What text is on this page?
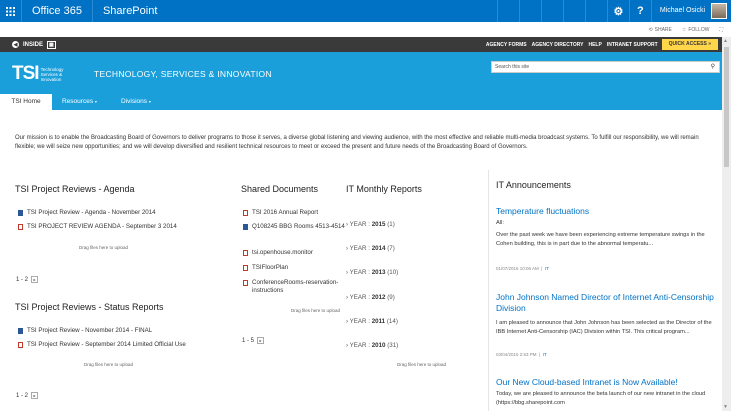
Office 365	SharePoint	⚙	?	Michael Osicki
⟲ SHARE ☆ FOLLOW ⛶
◀ INSIDE	▦	AGENCY FORMS AGENCY DIRECTORY HELP INTRANET SUPPORT	QUICK ACCESS »
TSI Technology
Services &
Innovation	TECHNOLOGY, SERVICES & INNOVATION
Search this site	⚲
TSI Home	Resources ▾	Divisions ▾
▲
▼
Our mission is to enable the Broadcasting Board of Governors to deliver programs to those it serves, a diverse global listening and viewing audience, with the most effective and reliable multi-media broadcast systems. To fulfill our responsibility, we will remain flexible; we will seize new opportunities; and we will develop diversified and resilient technical resources to meet or exceed the present and future needs of the Broadcasting Board of Governors.
TSI Project Reviews - Agenda
TSI Project Review - Agenda - November 2014
TSI PROJECT REVIEW AGENDA - September 3 2014
Drag files here to upload
1 - 2	▸
TSI Project Reviews - Status Reports
TSI Project Review - November 2014 - FINAL
TSI Project Review - September 2014 Limited Official Use
Drag files here to upload
1 - 2	▸
Shared Documents
TSI 2016 Annual Report
Q108245 BBG Rooms 4513-4514
tsi.openhouse.monitor
TSIFloorPlan
ConferenceRooms-reservation-instructions
Drag files here to upload
1 - 5	▸
IT Monthly Reports
› YEAR : 2015 (1)
› YEAR : 2014 (7)
› YEAR : 2013 (10)
› YEAR : 2012 (9)
› YEAR : 2011 (14)
› YEAR : 2010 (31)
Drag files here to upload
IT Announcements
Temperature fluctuations
All:
Over the past week we have been experiencing extreme temperature swings in the Cohen building, this is in part due to the abnormal temperatu...
01/07/2016 10:06 AM  |  IT
John Johnson Named Director of Internet Anti-Censorship Division
I am pleased to announce that John Johnson has been selected as the Director of the IBB Internet Anti-Censorship (IAC) Division within TSI. This critical program...
03/04/2015 2:53 PM  |  IT
Our New Cloud-based Intranet is Now Available!
Today, we are pleased to announce the beta launch of our new intranet in the cloud (https://bbg.sharepoint.com
